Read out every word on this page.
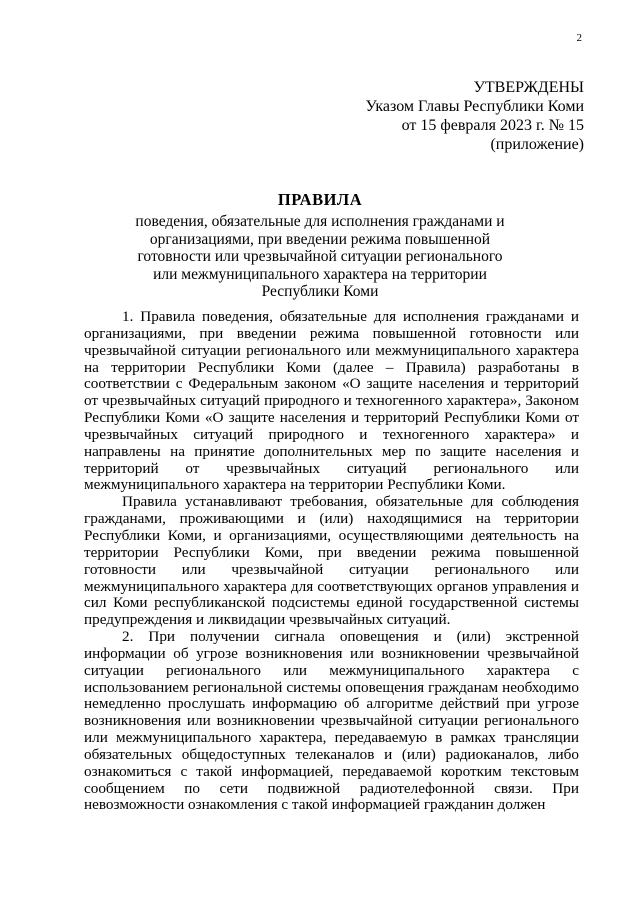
2
УТВЕРЖДЕНЫ
Указом Главы Республики Коми
от 15 февраля 2023 г. № 15
(приложение)
ПРАВИЛА
поведения, обязательные для исполнения гражданами и организациями, при введении режима повышенной готовности или чрезвычайной ситуации регионального или межмуниципального характера на территории Республики Коми

1. Правила поведения, обязательные для исполнения гражданами и организациями, при введении режима повышенной готовности или чрезвычайной ситуации регионального или межмуниципального характера на территории Республики Коми (далее – Правила) разработаны в соответствии с Федеральным законом «О защите населения и территорий от чрезвычайных ситуаций природного и техногенного характера», Законом Республики Коми «О защите населения и территорий Республики Коми от чрезвычайных ситуаций природного и техногенного характера» и направлены на принятие дополнительных мер по защите населения и территорий от чрезвычайных ситуаций регионального или межмуниципального характера на территории Республики Коми.

Правила устанавливают требования, обязательные для соблюдения гражданами, проживающими и (или) находящимися на территории Республики Коми, и организациями, осуществляющими деятельность на территории Республики Коми, при введении режима повышенной готовности или чрезвычайной ситуации регионального или межмуниципального характера для соответствующих органов управления и сил Коми республиканской подсистемы единой государственной системы предупреждения и ликвидации чрезвычайных ситуаций.

2. При получении сигнала оповещения и (или) экстренной информации об угрозе возникновения или возникновении чрезвычайной ситуации регионального или межмуниципального характера с использованием региональной системы оповещения гражданам необходимо немедленно прослушать информацию об алгоритме действий при угрозе возникновения или возникновении чрезвычайной ситуации регионального или межмуниципального характера, передаваемую в рамках трансляции обязательных общедоступных телеканалов и (или) радиоканалов, либо ознакомиться с такой информацией, передаваемой коротким текстовым сообщением по сети подвижной радиотелефонной связи. При невозможности ознакомления с такой информацией гражданин должен
